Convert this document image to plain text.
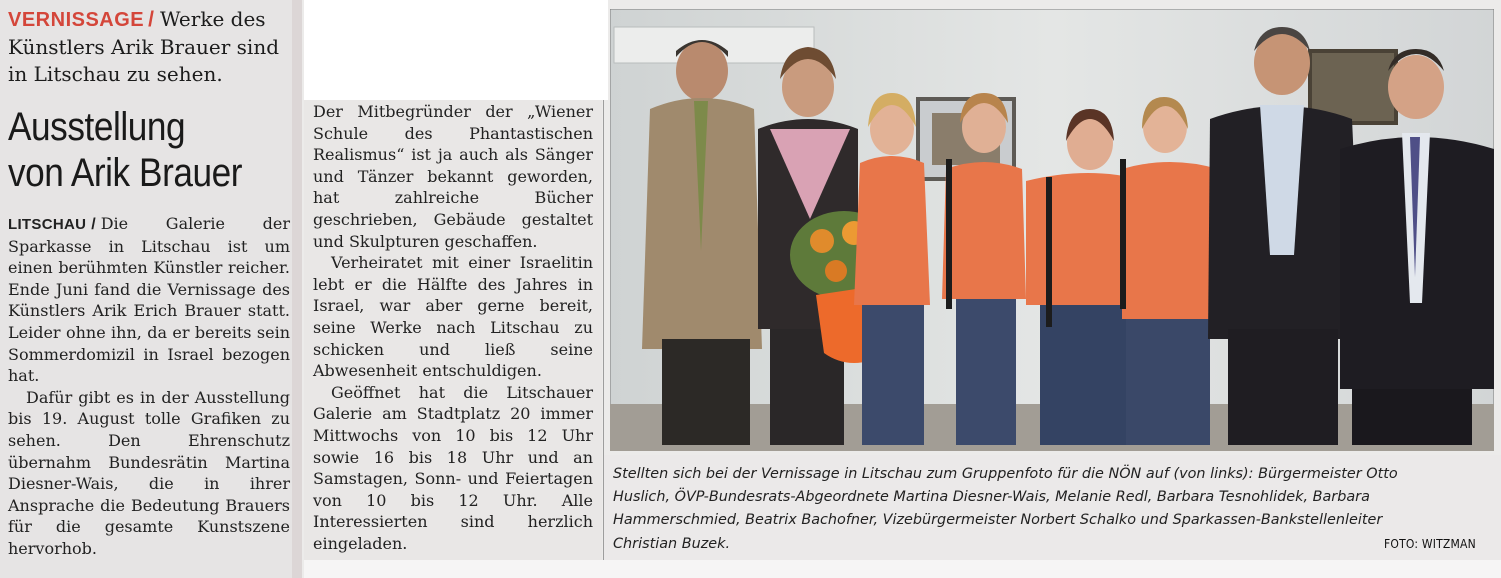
VERNISSAGE / Werke des Künstlers Arik Brauer sind in Litschau zu sehen.
Ausstellung
von Arik Brauer

LITSCHAU / Die Galerie der Sparkasse in Litschau ist um einen berühmten Künstler reicher. Ende Juni fand die Vernissage des Künstlers Arik Erich Brauer statt. Leider ohne ihn, da er bereits sein Sommerdomizil in Israel bezogen hat.

Dafür gibt es in der Ausstellung bis 19. August tolle Grafiken zu sehen. Den Ehrenschutz übernahm Bundesrätin Martina Diesner-Wais, die in ihrer Ansprache die Bedeutung Brauers für die gesamte Kunstszene hervorhob.

Der Mitbegründer der „Wiener Schule des Phantastischen Realismus“ ist ja auch als Sänger und Tänzer bekannt geworden, hat zahlreiche Bücher geschrieben, Gebäude gestaltet und Skulpturen geschaffen.

Verheiratet mit einer Israelitin lebt er die Hälfte des Jahres in Israel, war aber gerne bereit, seine Werke nach Litschau zu schicken und ließ seine Abwesenheit entschuldigen.

Geöffnet hat die Litschauer Galerie am Stadtplatz 20 immer Mittwochs von 10 bis 12 Uhr sowie 16 bis 18 Uhr und an Samstagen, Sonn- und Feiertagen von 10 bis 12 Uhr. Alle Interessierten sind herzlich eingeladen.

Stellten sich bei der Vernissage in Litschau zum Gruppenfoto für die NÖN auf (von links): Bürgermeister Otto
Huslich, ÖVP-Bundesrats-Abgeordnete Martina Diesner-Wais, Melanie Redl, Barbara Tesnohlidek, Barbara
Hammerschmied, Beatrix Bachofner, Vizebürgermeister Norbert Schalko und Sparkassen-Bankstellenleiter
Christian Buzek.	FOTO: WITZMAN
